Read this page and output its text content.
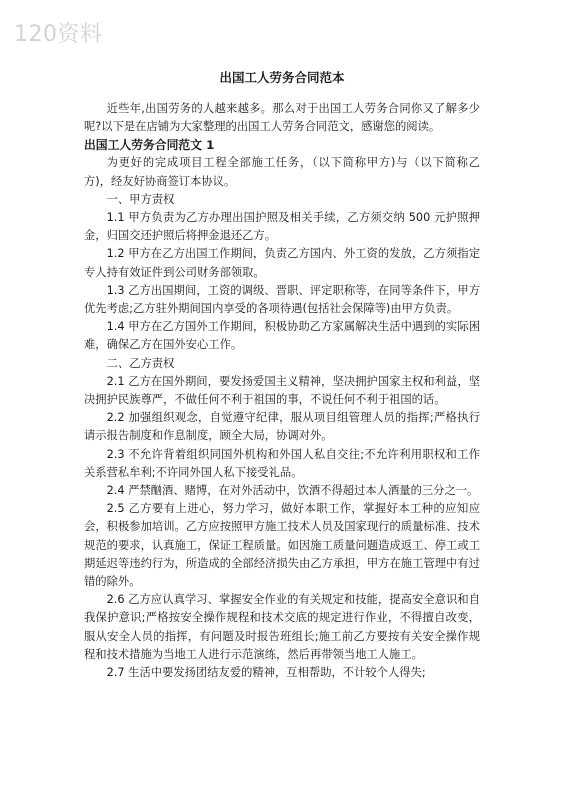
120资料
出国工人劳务合同范本

近些年,出国劳务的人越来越多。那么对于出国工人劳务合同你又了解多少呢?以下是在店铺为大家整理的出国工人劳务合同范文，感谢您的阅读。

出国工人劳务合同范文 1

为更好的完成项目工程全部施工任务，（以下简称甲方)与（以下简称乙方)，经友好协商签订本协议。

一、甲方责权

1.1 甲方负责为乙方办理出国护照及相关手续，乙方须交纳 500 元护照押金，归国交还护照后将押金退还乙方。

1.2 甲方在乙方出国工作期间，负责乙方国内、外工资的发放，乙方须指定专人持有效证件到公司财务部领取。

1.3 乙方出国期间，工资的调级、晋职、评定职称等，在同等条件下，甲方优先考虑;乙方驻外期间国内享受的各项待遇(包括社会保障等)由甲方负责。

1.4 甲方在乙方国外工作期间，积极协助乙方家属解决生活中遇到的实际困难，确保乙方在国外安心工作。

二、乙方责权

2.1 乙方在国外期间，要发扬爱国主义精神，坚决拥护国家主权和利益，坚决拥护民族尊严，不做任何不利于祖国的事，不说任何不利于祖国的话。

2.2 加强组织观念，自觉遵守纪律，服从项目组管理人员的指挥;严格执行请示报告制度和作息制度，顾全大局，协调对外。

2.3 不允许背着组织同国外机构和外国人私自交往;不允许利用职权和工作关系营私牟利;不许同外国人私下接受礼品。

2.4 严禁酗酒、赌博，在对外活动中，饮酒不得超过本人酒量的三分之一。

2.5 乙方要有上进心，努力学习，做好本职工作，掌握好本工种的应知应会，积极参加培训。乙方应按照甲方施工技术人员及国家现行的质量标准、技术规范的要求，认真施工，保证工程质量。如因施工质量问题造成返工、停工或工期延迟等违约行为，所造成的全部经济损失由乙方承担，甲方在施工管理中有过错的除外。

2.6 乙方应认真学习、掌握安全作业的有关规定和技能，提高安全意识和自我保护意识;严格按安全操作规程和技术交底的规定进行作业，不得擅自改变，服从安全人员的指挥，有问题及时报告班组长;施工前乙方要按有关安全操作规程和技术措施为当地工人进行示范演练，然后再带领当地工人施工。

2.7 生活中要发扬团结友爱的精神，互相帮助，不计较个人得失;
